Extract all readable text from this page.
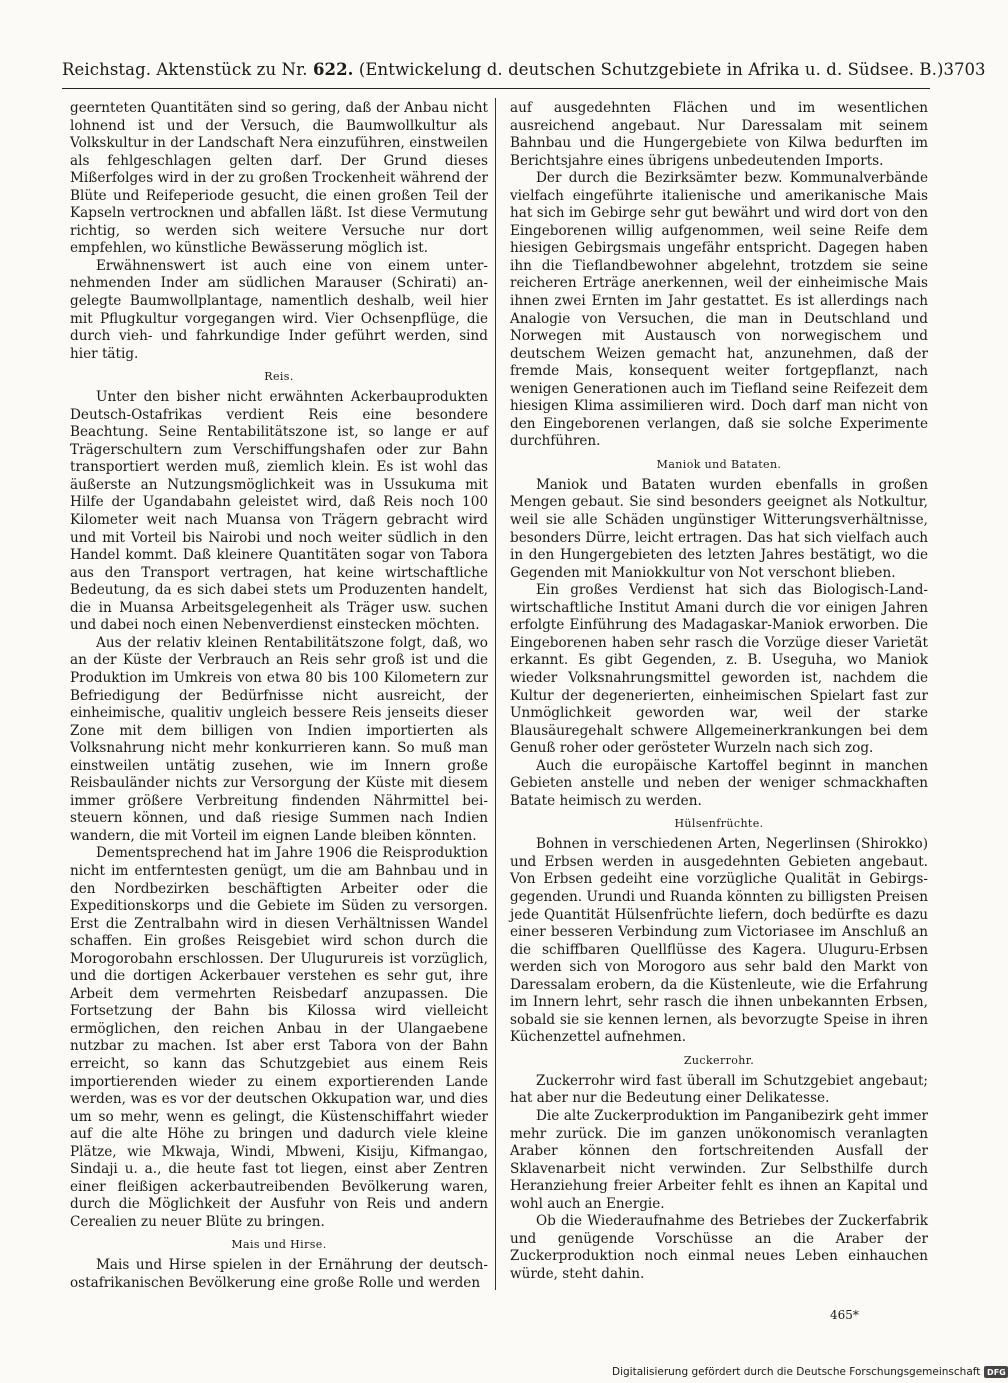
Reichstag. Aktenstück zu Nr. 622. (Entwickelung d. deutschen Schutzgebiete in Afrika u. d. Südsee. B.) 3703

geernteten Quantitäten sind so gering, daß der Anbau nicht lohnend ist und der Versuch, die Baumwollkultur als Volkskultur in der Landschaft Nera einzuführen, einstweilen als fehlgeschlagen gelten darf. Der Grund dieses Mißerfolges wird in der zu großen Trockenheit während der Blüte und Reifeperiode gesucht, die einen großen Teil der Kapseln vertrocknen und abfallen läßt. Ist diese Vermutung richtig, so werden sich weitere Versuche nur dort empfehlen, wo künstliche Bewässerung möglich ist.

Erwähnenswert ist auch eine von einem unternehmenden Inder am südlichen Marauser (Schirati) angelegte Baumwollplantage, namentlich deshalb, weil hier mit Pflugkultur vorgegangen wird. Vier Ochsenpflüge, die durch vieh- und fahrkundige Inder geführt werden, sind hier tätig.

Reis.

Unter den bisher nicht erwähnten Ackerbauprodukten Deutsch-Ostafrikas verdient Reis eine besondere Beachtung. Seine Rentabilitätszone ist, so lange er auf Trägerschultern zum Verschiffungshafen oder zur Bahn transportiert werden muß, ziemlich klein. Es ist wohl das äußerste an Nutzungsmöglichkeit was in Ussukuma mit Hilfe der Ugandabahn geleistet wird, daß Reis noch 100 Kilometer weit nach Muansa von Trägern gebracht wird und mit Vorteil bis Nairobi und noch weiter südlich in den Handel kommt. Daß kleinere Quantitäten sogar von Tabora aus den Transport vertragen, hat keine wirtschaftliche Bedeutung, da es sich dabei stets um Produzenten handelt, die in Muansa Arbeitsgelegenheit als Träger usw. suchen und dabei noch einen Nebenverdienst einstecken möchten.

Aus der relativ kleinen Rentabilitätszone folgt, daß, wo an der Küste der Verbrauch an Reis sehr groß ist und die Produktion im Umkreis von etwa 80 bis 100 Kilometern zur Befriedigung der Bedürfnisse nicht ausreicht, der einheimische, qualitiv ungleich bessere Reis jenseits dieser Zone mit dem billigen von Indien importierten als Volksnahrung nicht mehr konkurrieren kann. So muß man einstweilen untätig zusehen, wie im Innern große Reisbauländer nichts zur Versorgung der Küste mit diesem immer größere Verbreitung findenden Nährmittel beisteuern können, und daß riesige Summen nach Indien wandern, die mit Vorteil im eignen Lande bleiben könnten.

Dementsprechend hat im Jahre 1906 die Reisproduktion nicht im entferntesten genügt, um die am Bahnbau und in den Nordbezirken beschäftigten Arbeiter oder die Expeditionskorps und die Gebiete im Süden zu versorgen. Erst die Zentralbahn wird in diesen Verhältnissen Wandel schaffen. Ein großes Reisgebiet wird schon durch die Morogorobahn erschlossen. Der Ulugurureis ist vorzüglich, und die dortigen Ackerbauer verstehen es sehr gut, ihre Arbeit dem vermehrten Reisbedarf anzupassen. Die Fortsetzung der Bahn bis Kilossa wird vielleicht ermöglichen, den reichen Anbau in der Ulangaebene nutzbar zu machen. Ist aber erst Tabora von der Bahn erreicht, so kann das Schutzgebiet aus einem Reis importierenden wieder zu einem exportierenden Lande werden, was es vor der deutschen Okkupation war, und dies um so mehr, wenn es gelingt, die Küstenschiffahrt wieder auf die alte Höhe zu bringen und dadurch viele kleine Plätze, wie Mkwaja, Windi, Mbweni, Kisiju, Kifmangao, Sindaji u. a., die heute fast tot liegen, einst aber Zentren einer fleißigen ackerbautreibenden Bevölkerung waren, durch die Möglichkeit der Ausfuhr von Reis und andern Cerealien zu neuer Blüte zu bringen.

Mais und Hirse.

Mais und Hirse spielen in der Ernährung der deutschostafrikanischen Bevölkerung eine große Rolle und werden

auf ausgedehnten Flächen und im wesentlichen ausreichend angebaut. Nur Daressalam mit seinem Bahnbau und die Hungergebiete von Kilwa bedurften im Berichtsjahre eines übrigens unbedeutenden Imports.

Der durch die Bezirksämter bezw. Kommunalverbände vielfach eingeführte italienische und amerikanische Mais hat sich im Gebirge sehr gut bewährt und wird dort von den Eingeborenen willig aufgenommen, weil seine Reife dem hiesigen Gebirgsmais ungefähr entspricht. Dagegen haben ihn die Tieflandbewohner abgelehnt, trotzdem sie seine reicheren Erträge anerkennen, weil der einheimische Mais ihnen zwei Ernten im Jahr gestattet. Es ist allerdings nach Analogie von Versuchen, die man in Deutschland und Norwegen mit Austausch von norwegischem und deutschem Weizen gemacht hat, anzunehmen, daß der fremde Mais, konsequent weiter fortgepflanzt, nach wenigen Generationen auch im Tiefland seine Reifezeit dem hiesigen Klima assimilieren wird. Doch darf man nicht von den Eingeborenen verlangen, daß sie solche Experimente durchführen.

Maniok und Bataten.

Maniok und Bataten wurden ebenfalls in großen Mengen gebaut. Sie sind besonders geeignet als Notkultur, weil sie alle Schäden ungünstiger Witterungsverhältnisse, besonders Dürre, leicht ertragen. Das hat sich vielfach auch in den Hungergebieten des letzten Jahres bestätigt, wo die Gegenden mit Maniokkultur von Not verschont blieben.

Ein großes Verdienst hat sich das Biologisch-Landwirtschaftliche Institut Amani durch die vor einigen Jahren erfolgte Einführung des Madagaskar-Maniok erworben. Die Eingeborenen haben sehr rasch die Vorzüge dieser Varietät erkannt. Es gibt Gegenden, z. B. Useguha, wo Maniok wieder Volksnahrungsmittel geworden ist, nachdem die Kultur der degenerierten, einheimischen Spielart fast zur Unmöglichkeit geworden war, weil der starke Blausäuregehalt schwere Allgemeinerkrankungen bei dem Genuß roher oder gerösteter Wurzeln nach sich zog.

Auch die europäische Kartoffel beginnt in manchen Gebieten anstelle und neben der weniger schmackhaften Batate heimisch zu werden.

Hülsenfrüchte.

Bohnen in verschiedenen Arten, Negerlinsen (Shirokko) und Erbsen werden in ausgedehnten Gebieten angebaut. Von Erbsen gedeiht eine vorzügliche Qualität in Gebirgsgegenden. Urundi und Ruanda könnten zu billigsten Preisen jede Quantität Hülsenfrüchte liefern, doch bedürfte es dazu einer besseren Verbindung zum Victoriasee im Anschluß an die schiffbaren Quellflüsse des Kagera. Uluguru-Erbsen werden sich von Morogoro aus sehr bald den Markt von Daressalam erobern, da die Küstenleute, wie die Erfahrung im Innern lehrt, sehr rasch die ihnen unbekannten Erbsen, sobald sie sie kennen lernen, als bevorzugte Speise in ihren Küchenzettel aufnehmen.

Zuckerrohr.

Zuckerrohr wird fast überall im Schutzgebiet angebaut; hat aber nur die Bedeutung einer Delikatesse.

Die alte Zuckerproduktion im Panganibezirk geht immer mehr zurück. Die im ganzen unökonomisch veranlagten Araber können den fortschreitenden Ausfall der Sklavenarbeit nicht verwinden. Zur Selbsthilfe durch Heranziehung freier Arbeiter fehlt es ihnen an Kapital und wohl auch an Energie.

Ob die Wiederaufnahme des Betriebes der Zuckerfabrik und genügende Vorschüsse an die Araber der Zuckerproduktion noch einmal neues Leben einhauchen würde, steht dahin.

465*
Digitalisierung gefördert durch die Deutsche Forschungsgemeinschaft DFG
